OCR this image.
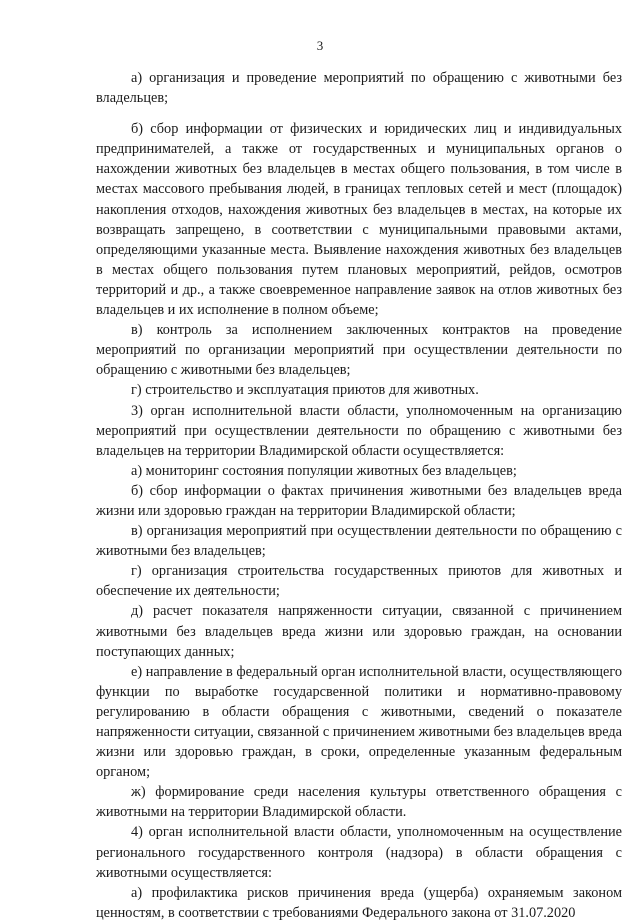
3

а) организация и проведение мероприятий по обращению с животными без владельцев;

б) сбор информации от физических и юридических лиц и индивидуальных предпринимателей, а также от государственных и муниципальных органов о нахождении животных без владельцев в местах общего пользования, в том числе в местах массового пребывания людей, в границах тепловых сетей и мест (площадок) накопления отходов, нахождения животных без владельцев в местах, на которые их возвращать запрещено, в соответствии с муниципальными правовыми актами, определяющими указанные места. Выявление нахождения животных без владельцев в местах общего пользования путем плановых мероприятий, рейдов, осмотров территорий и др., а также своевременное направление заявок на отлов животных без владельцев и их исполнение в полном объеме;

в) контроль за исполнением заключенных контрактов на проведение мероприятий по организации мероприятий при осуществлении деятельности по обращению с животными без владельцев;

г) строительство и эксплуатация приютов для животных.

3) орган исполнительной власти области, уполномоченным на организацию мероприятий при осуществлении деятельности по обращению с животными без владельцев на территории Владимирской области осуществляется:

а) мониторинг состояния популяции животных без владельцев;

б) сбор информации о фактах причинения животными без владельцев вреда жизни или здоровью граждан на территории Владимирской области;

в) организация мероприятий при осуществлении деятельности по обращению с животными без владельцев;

г) организация строительства государственных приютов для животных и обеспечение их деятельности;

д) расчет показателя напряженности ситуации, связанной с причинением животными без владельцев вреда жизни или здоровью граждан, на основании поступающих данных;

е) направление в федеральный орган исполнительной власти, осуществляющего функции по выработке государсвенной политики и нормативно-правовому регулированию в области обращения с животными, сведений о показателе напряженности ситуации, связанной с причинением животными без владельцев вреда жизни или здоровью граждан, в сроки, определенные указанным федеральным органом;

ж) формирование среди населения культуры ответственного обращения с животными на территории Владимирской области.

4) орган исполнительной власти области, уполномоченным на осуществление регионального государственного контроля (надзора) в области обращения с животными осуществляется:

а) профилактика рисков причинения вреда (ущерба) охраняемым законом ценностям, в соответствии с требованиями Федерального закона от 31.07.2020
